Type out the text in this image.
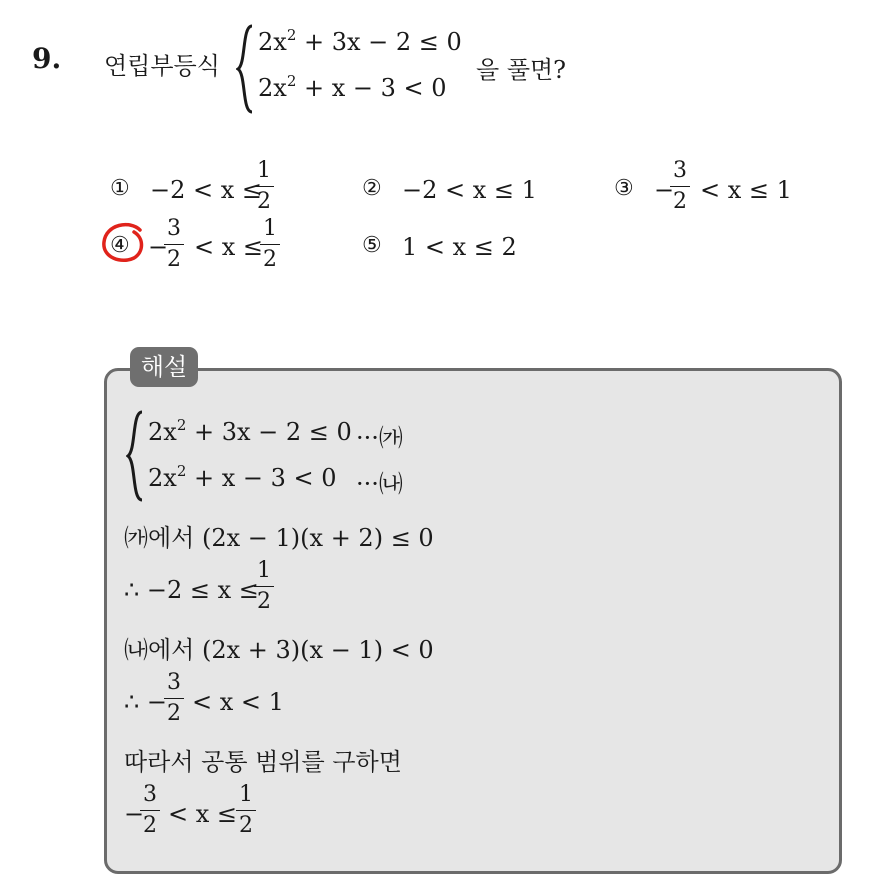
9. 연립부등식
$2x^2 + 3x - 2 \le 0$
$2x^2 + x - 3 < 0$
을 풀면?
① −2 < x ≤
1
2
② −2 < x ≤ 1	③ −
3
2 < x ≤ 1
④ −
3
2 < x ≤
1
2
⑤ 1 < x ≤ 2
해설
$2x^2 + 3x - 2 \le 0$ ···㈎
$2x^2 + x - 3 < 0$ ···㈏
㈎에서 (2x − 1)(x + 2) ≤ 0
∴ −2 ≤ x ≤
1
2
㈏에서 (2x + 3)(x − 1) < 0
∴ −
3
2 < x < 1
따라서 공통 범위를 구하면
−
3
2 < x ≤
1
2
